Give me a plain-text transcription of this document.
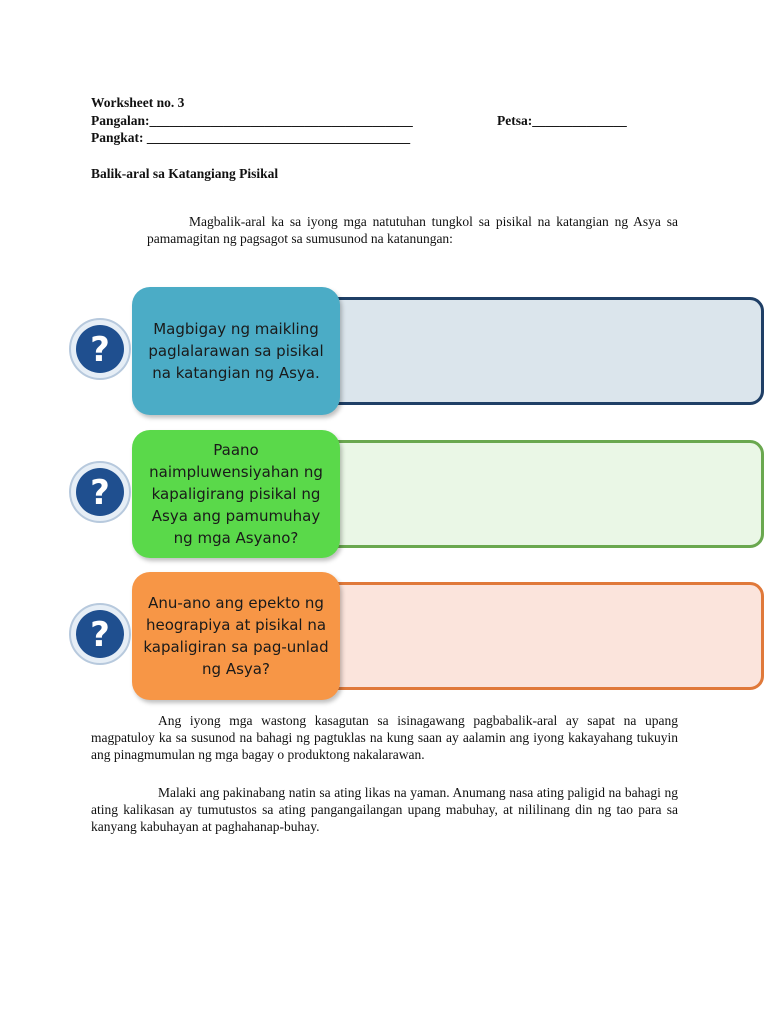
Worksheet no. 3
Pangalan:_______________________________________	Petsa:______________
Pangkat: _______________________________________
Balik-aral sa Katangiang Pisikal
Magbalik-aral ka sa iyong mga natutuhan tungkol sa pisikal na katangian ng Asya sa pamamagitan ng pagsagot sa sumusunod na katanungan:
Magbigay ng maikling paglalarawan sa pisikal na katangian ng Asya.
?
Paano naimpluwensiyahan ng kapaligirang pisikal ng Asya ang pamumuhay ng mga Asyano?
?
Anu-ano ang epekto ng heograpiya at pisikal na kapaligiran sa pag-unlad ng Asya?
?
Ang iyong mga wastong kasagutan sa isinagawang pagbabalik-aral ay sapat na upang magpatuloy ka sa susunod na bahagi ng pagtuklas na kung saan ay aalamin ang iyong kakayahang tukuyin ang pinagmumulan ng mga bagay o produktong nakalarawan.
Malaki ang pakinabang natin sa ating likas na yaman. Anumang nasa ating paligid na bahagi ng ating kalikasan ay tumutustos sa ating pangangailangan upang mabuhay, at nililinang din ng tao para sa kanyang kabuhayan at paghahanap-buhay.
